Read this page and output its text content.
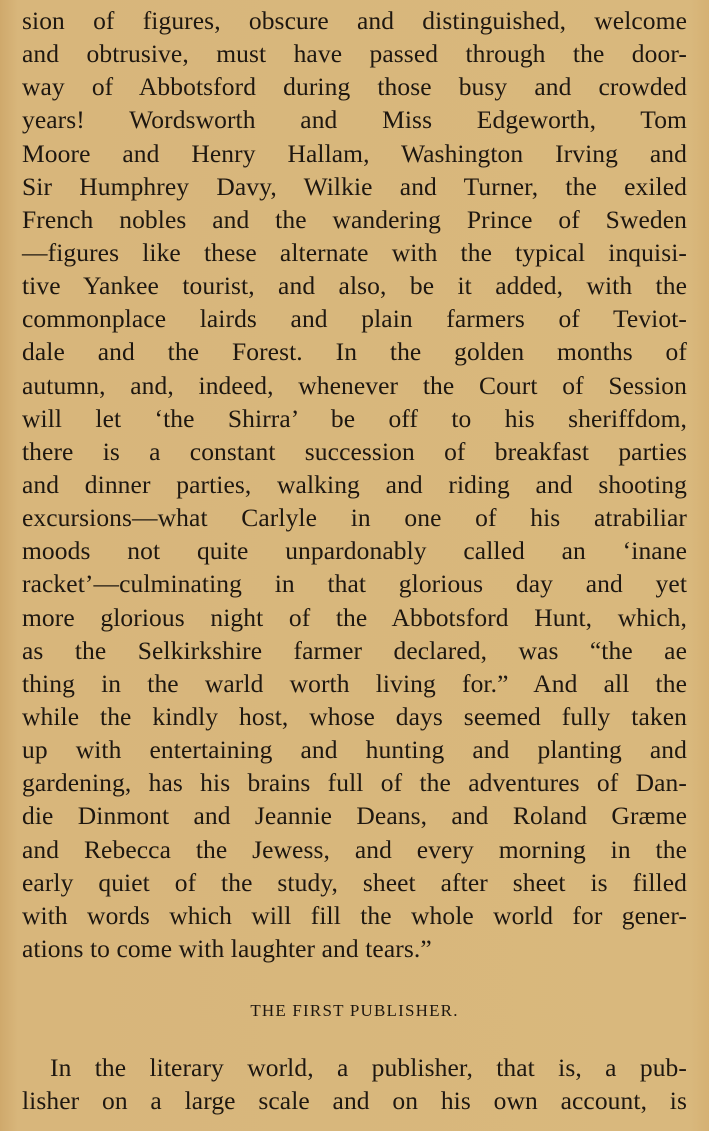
sion of figures, obscure and distinguished, welcome
and obtrusive, must have passed through the door-
way of Abbotsford during those busy and crowded
years! Wordsworth and Miss Edgeworth, Tom
Moore and Henry Hallam, Washington Irving and
Sir Humphrey Davy, Wilkie and Turner, the exiled
French nobles and the wandering Prince of Sweden
—figures like these alternate with the typical inquisi-
tive Yankee tourist, and also, be it added, with the
commonplace lairds and plain farmers of Teviot-
dale and the Forest. In the golden months of
autumn, and, indeed, whenever the Court of Session
will let ‘the Shirra’ be off to his sheriffdom,
there is a constant succession of breakfast parties
and dinner parties, walking and riding and shooting
excursions—what Carlyle in one of his atrabiliar
moods not quite unpardonably called an ‘inane
racket’—culminating in that glorious day and yet
more glorious night of the Abbotsford Hunt, which,
as the Selkirkshire farmer declared, was “the ae
thing in the warld worth living for.” And all the
while the kindly host, whose days seemed fully taken
up with entertaining and hunting and planting and
gardening, has his brains full of the adventures of Dan-
die Dinmont and Jeannie Deans, and Roland Græme
and Rebecca the Jewess, and every morning in the
early quiet of the study, sheet after sheet is filled
with words which will fill the whole world for gener-
ations to come with laughter and tears.”
THE FIRST PUBLISHER.
In the literary world, a publisher, that is, a pub-
lisher on a large scale and on his own account, is
